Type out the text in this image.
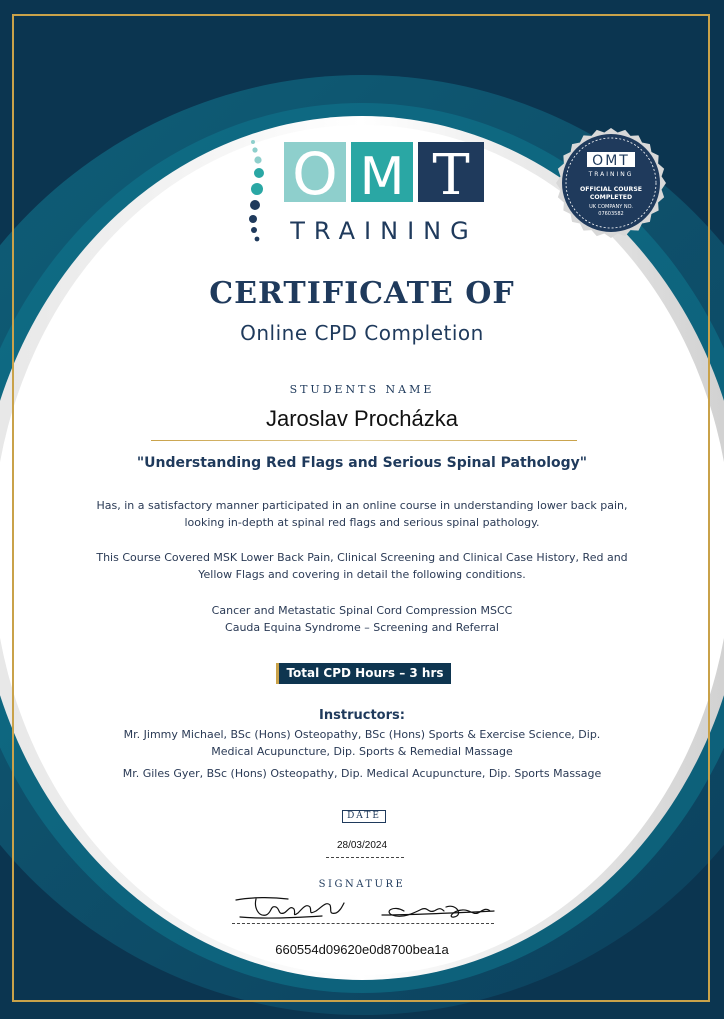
O M T
TRAINING
OMT
TRAINING
OFFICIAL COURSE
COMPLETED
UK COMPANY NO.
07603582
CERTIFICATE OF
Online CPD Completion
STUDENTS NAME
Jaroslav Procházka
"Understanding Red Flags and Serious Spinal Pathology"
Has, in a satisfactory manner participated in an online course in understanding lower back pain,
looking in-depth at spinal red flags and serious spinal pathology.
This Course Covered MSK Lower Back Pain, Clinical Screening and Clinical Case History, Red and
Yellow Flags and covering in detail the following conditions.
Cancer and Metastatic Spinal Cord Compression MSCC
Cauda Equina Syndrome – Screening and Referral
Total CPD Hours – 3 hrs
Instructors:
Mr. Jimmy Michael, BSc (Hons) Osteopathy, BSc (Hons) Sports & Exercise Science, Dip.
Medical Acupuncture, Dip. Sports & Remedial Massage
Mr. Giles Gyer, BSc (Hons) Osteopathy, Dip. Medical Acupuncture, Dip. Sports Massage
DATE
28/03/2024
SIGNATURE
660554d09620e0d8700bea1a
